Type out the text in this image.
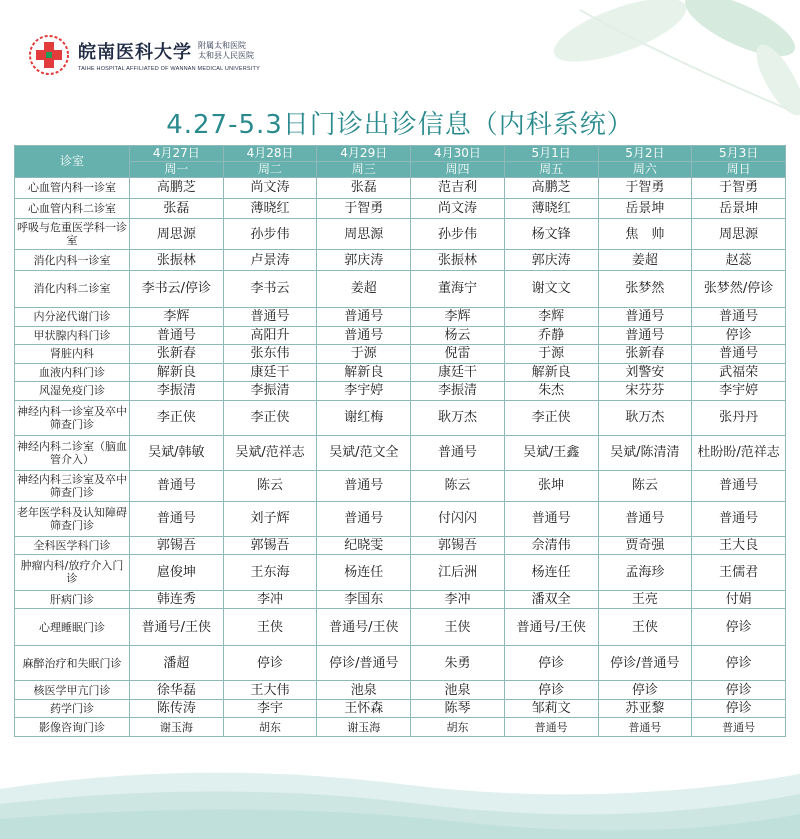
皖南医科大学 附属太和医院
太和县人民医院
TAIHE HOSPITAL AFFILIATED OF WANNAN MEDICAL UNIVERSITY
4.27-5.3日门诊出诊信息（内科系统）
诊室	4月27日	4月28日	4月29日	4月30日	5月1日	5月2日	5月3日
	周一	周二	周三	周四	周五	周六	周日
心血管内科一诊室	高鹏芝	尚文涛	张磊	范吉利	高鹏芝	于智勇	于智勇
心血管内科二诊室	张磊	薄晓红	于智勇	尚文涛	薄晓红	岳景坤	岳景坤
呼吸与危重医学科一诊室	周思源	孙步伟	周思源	孙步伟	杨文锋	焦　帅	周思源
消化内科一诊室	张振林	卢景涛	郭庆涛	张振林	郭庆涛	姜超	赵蕊
消化内科二诊室	李书云/停诊	李书云	姜超	董海宁	谢文文	张梦然	张梦然/停诊
内分泌代谢门诊	李辉	普通号	普通号	李辉	李辉	普通号	普通号
甲状腺内科门诊	普通号	高阳升	普通号	杨云	乔静	普通号	停诊
肾脏内科	张新春	张东伟	于源	倪雷	于源	张新春	普通号
血液内科门诊	解新良	康廷干	解新良	康廷干	解新良	刘警安	武福荣
风湿免疫门诊	李振清	李振清	李宇婷	李振清	朱杰	宋芬芬	李宇婷
神经内科一诊室及卒中筛查门诊	李正侠	李正侠	谢红梅	耿万杰	李正侠	耿万杰	张丹丹
神经内科二诊室（脑血管介入）	吴斌/韩敏	吴斌/范祥志	吴斌/范文全	普通号	吴斌/王鑫	吴斌/陈清清	杜盼盼/范祥志
神经内科三诊室及卒中筛查门诊	普通号	陈云	普通号	陈云	张坤	陈云	普通号
老年医学科及认知障碍筛查门诊	普通号	刘子辉	普通号	付闪闪	普通号	普通号	普通号
全科医学科门诊	郭锡吾	郭锡吾	纪晓雯	郭锡吾	佘清伟	贾奇强	王大良
肿瘤内科/放疗介入门诊	扈俊坤	王东海	杨连任	江后洲	杨连任	孟海珍	王儒君
肝病门诊	韩连秀	李冲	李国东	李冲	潘双全	王亮	付娟
心理睡眠门诊	普通号/王侠	王侠	普通号/王侠	王侠	普通号/王侠	王侠	停诊
麻醉治疗和失眠门诊	潘超	停诊	停诊/普通号	朱勇	停诊	停诊/普通号	停诊
核医学甲亢门诊	徐华磊	王大伟	池泉	池泉	停诊	停诊	停诊
药学门诊	陈传涛	李宇	王怀森	陈琴	邹莉文	苏亚黎	停诊
影像咨询门诊	谢玉海	胡东	谢玉海	胡东	普通号	普通号	普通号
